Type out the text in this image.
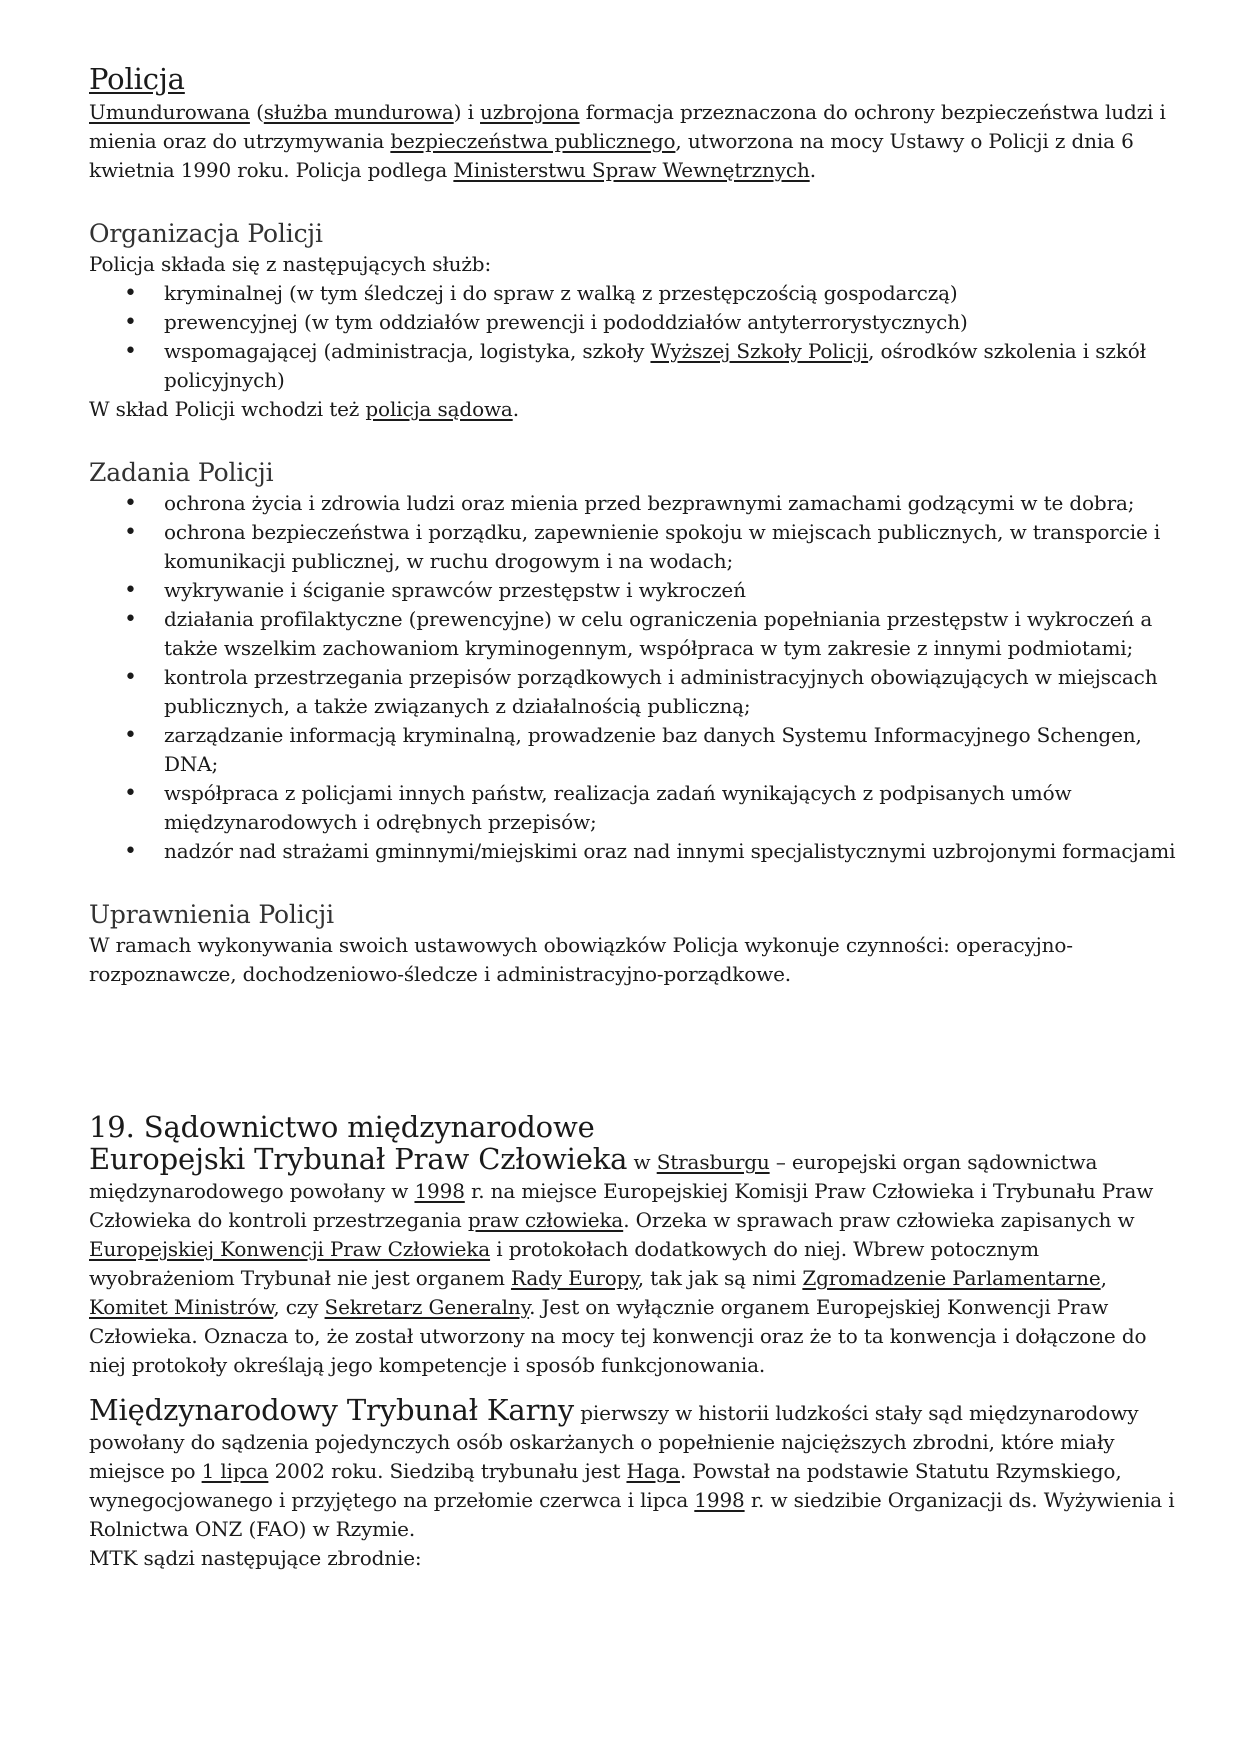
Policja

Umundurowana (służba mundurowa) i uzbrojona formacja przeznaczona do ochrony bezpieczeństwa ludzi i mienia oraz do utrzymywania bezpieczeństwa publicznego, utworzona na mocy Ustawy o Policji z dnia 6 kwietnia 1990 roku. Policja podlega Ministerstwu Spraw Wewnętrznych.

Organizacja Policji

Policja składa się z następujących służb:

• kryminalnej (w tym śledczej i do spraw z walką z przestępczością gospodarczą)
• prewencyjnej (w tym oddziałów prewencji i pododdziałów antyterrorystycznych)
• wspomagającej (administracja, logistyka, szkoły Wyższej Szkoły Policji, ośrodków szkolenia i szkół policyjnych)

W skład Policji wchodzi też policja sądowa.

Zadania Policji
• ochrona życia i zdrowia ludzi oraz mienia przed bezprawnymi zamachami godzącymi w te dobra;
• ochrona bezpieczeństwa i porządku, zapewnienie spokoju w miejscach publicznych, w transporcie i komunikacji publicznej, w ruchu drogowym i na wodach;
• wykrywanie i ściganie sprawców przestępstw i wykroczeń
• działania profilaktyczne (prewencyjne) w celu ograniczenia popełniania przestępstw i wykroczeń a także wszelkim zachowaniom kryminogennym, współpraca w tym zakresie z innymi podmiotami;
• kontrola przestrzegania przepisów porządkowych i administracyjnych obowiązujących w miejscach publicznych, a także związanych z działalnością publiczną;
• zarządzanie informacją kryminalną, prowadzenie baz danych Systemu Informacyjnego Schengen, DNA;
• współpraca z policjami innych państw, realizacja zadań wynikających z podpisanych umów międzynarodowych i odrębnych przepisów;
• nadzór nad strażami gminnymi/miejskimi oraz nad innymi specjalistycznymi uzbrojonymi formacjami
Uprawnienia Policji

W ramach wykonywania swoich ustawowych obowiązków Policja wykonuje czynności: operacyjno-rozpoznawcze, dochodzeniowo-śledcze i administracyjno-porządkowe.

19. Sądownictwo międzynarodowe

Europejski Trybunał Praw Człowieka w Strasburgu – europejski organ sądownictwa międzynarodowego powołany w 1998 r. na miejsce Europejskiej Komisji Praw Człowieka i Trybunału Praw Człowieka do kontroli przestrzegania praw człowieka. Orzeka w sprawach praw człowieka zapisanych w Europejskiej Konwencji Praw Człowieka i protokołach dodatkowych do niej. Wbrew potocznym wyobrażeniom Trybunał nie jest organem Rady Europy, tak jak są nimi Zgromadzenie Parlamentarne, Komitet Ministrów, czy Sekretarz Generalny. Jest on wyłącznie organem Europejskiej Konwencji Praw Człowieka. Oznacza to, że został utworzony na mocy tej konwencji oraz że to ta konwencja i dołączone do niej protokoły określają jego kompetencje i sposób funkcjonowania.

Międzynarodowy Trybunał Karny pierwszy w historii ludzkości stały sąd międzynarodowy powołany do sądzenia pojedynczych osób oskarżanych o popełnienie najcięższych zbrodni, które miały miejsce po 1 lipca 2002 roku. Siedzibą trybunału jest Haga. Powstał na podstawie Statutu Rzymskiego, wynegocjowanego i przyjętego na przełomie czerwca i lipca 1998 r. w siedzibie Organizacji ds. Wyżywienia i Rolnictwa ONZ (FAO) w Rzymie.

MTK sądzi następujące zbrodnie:
